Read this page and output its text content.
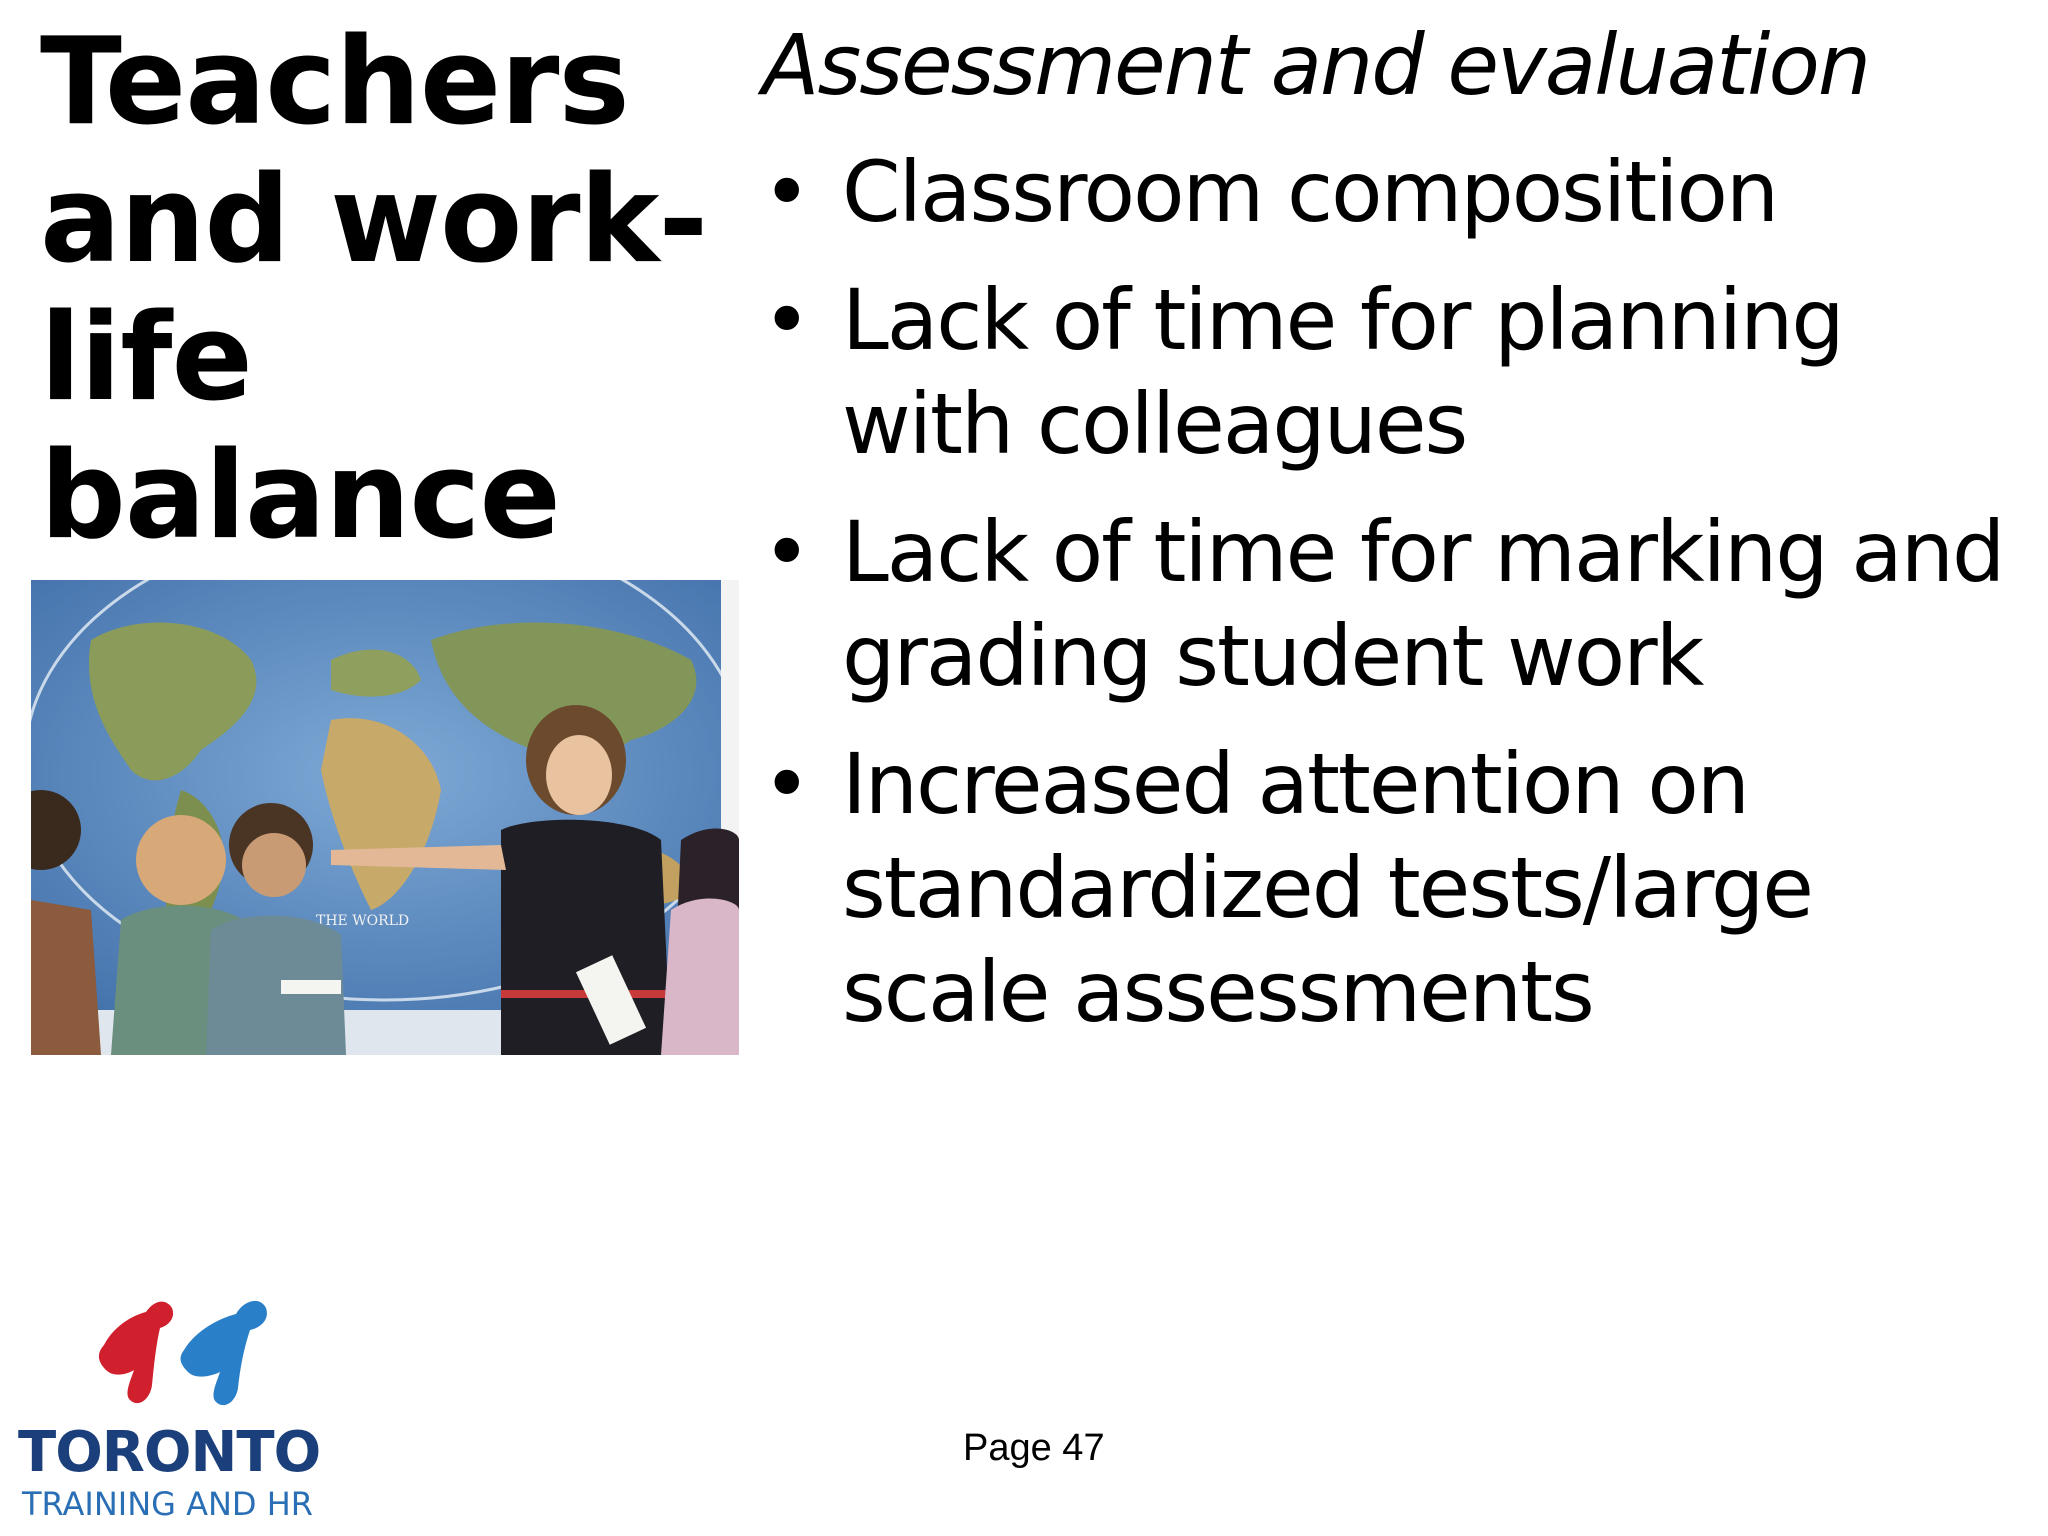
Teachers
and work-
life balance

THE WORLD
Assessment and evaluation
• Classroom composition
• Lack of time for planning with colleagues
• Lack of time for marking and grading student work
• Increased attention on standardized tests/large scale assessments
TORONTO
TRAINING AND HR
Page 47
